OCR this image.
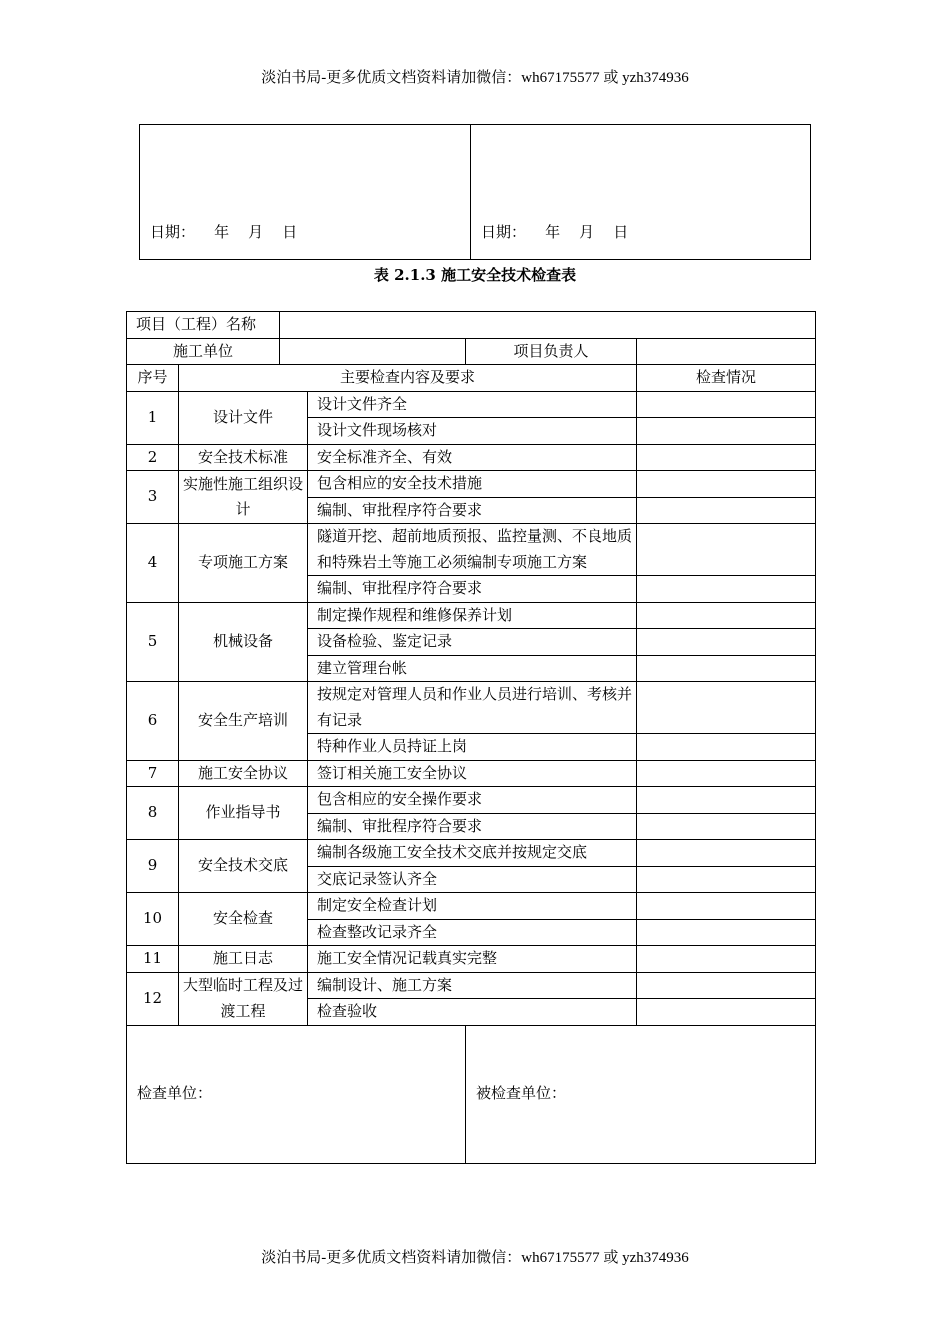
淡泊书局-更多优质文档资料请加微信：wh67175577 或 yzh374936
日期：    年    月    日	日期：    年    月    日
表 2.1.3 施工安全技术检查表
项目（工程）名称					
施工单位				项目负责人	
序号	主要检查内容及要求				检查情况
1	设计文件		设计文件齐全		
			设计文件现场核对		
2	安全技术标准		安全标准齐全、有效		
3	实施性施工组织设计		包含相应的安全技术措施		
			编制、审批程序符合要求		
4	专项施工方案		隧道开挖、超前地质预报、监控量测、不良地质和特殊岩土等施工必须编制专项施工方案		
			编制、审批程序符合要求		
5	机械设备		制定操作规程和维修保养计划		
			设备检验、鉴定记录		
			建立管理台帐		
6	安全生产培训		按规定对管理人员和作业人员进行培训、考核并有记录		
			特种作业人员持证上岗		
7	施工安全协议		签订相关施工安全协议		
8	作业指导书		包含相应的安全操作要求		
			编制、审批程序符合要求		
9	安全技术交底		编制各级施工安全技术交底并按规定交底		
			交底记录签认齐全		
10	安全检查		制定安全检查计划		
			检查整改记录齐全		
11	施工日志		施工安全情况记载真实完整		
12	大型临时工程及过渡工程		编制设计、施工方案		
			检查验收		
检查单位：				被检查单位：	
淡泊书局-更多优质文档资料请加微信：wh67175577 或 yzh374936
